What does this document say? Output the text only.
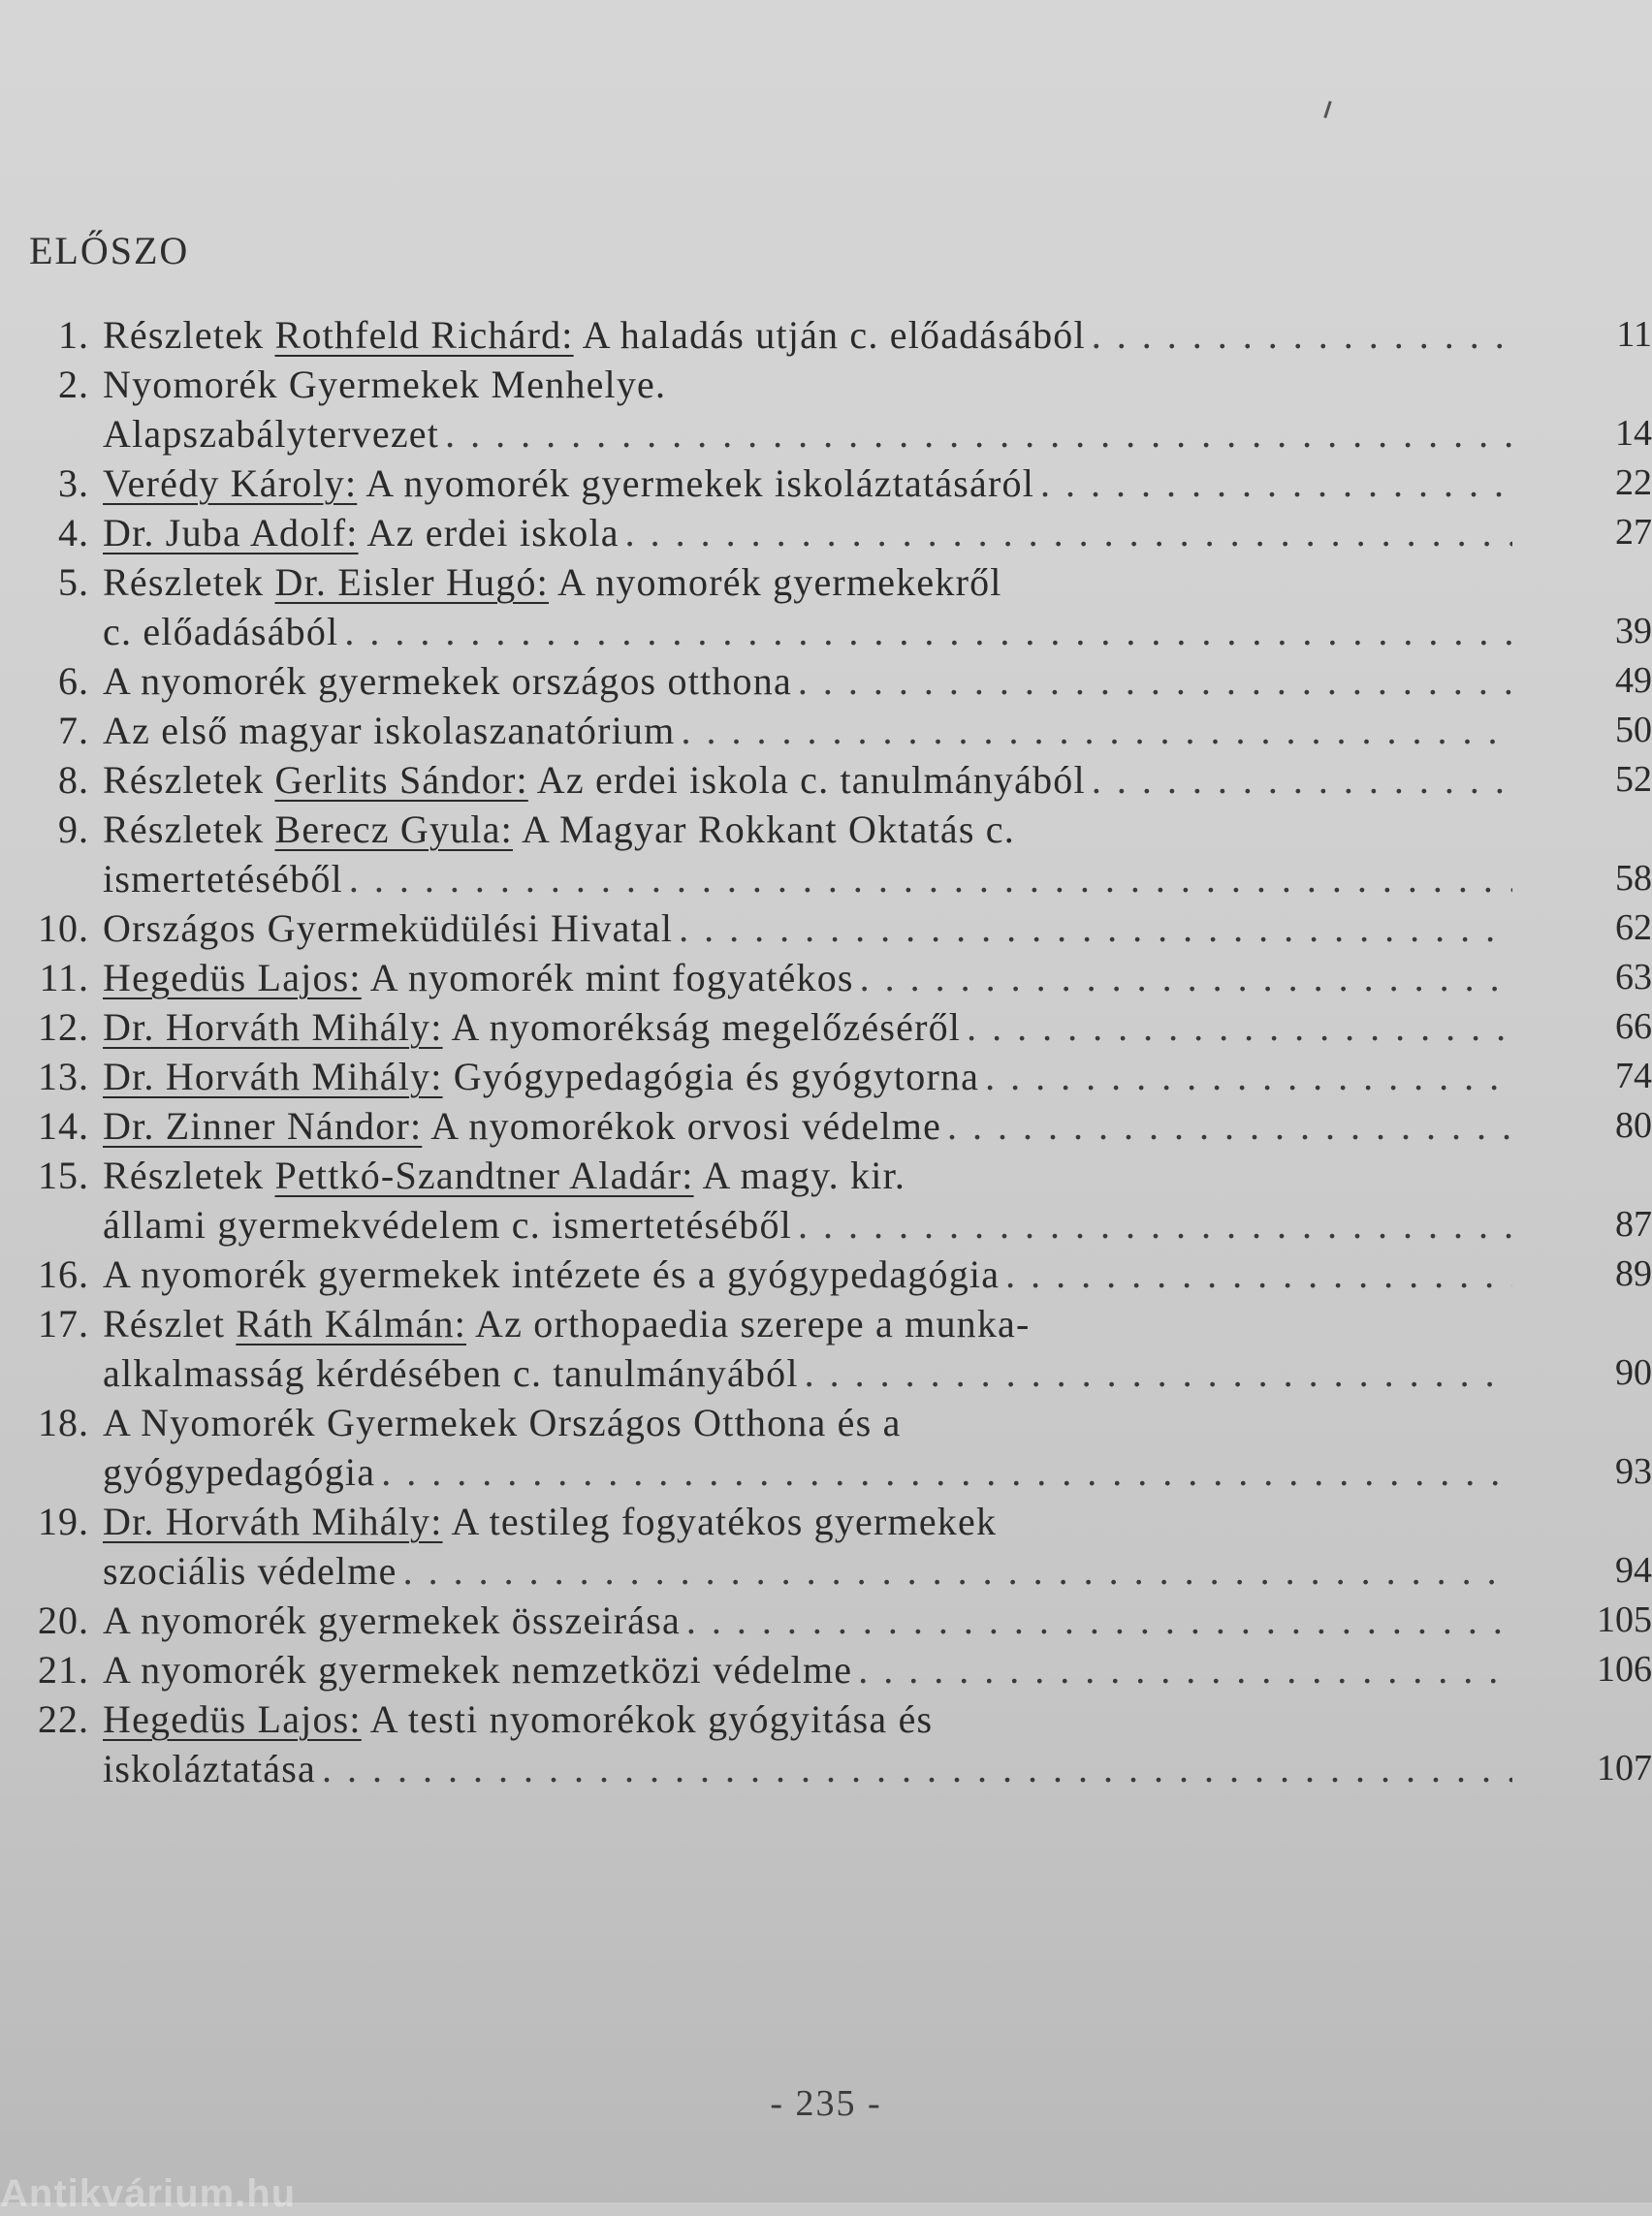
ELŐSZO
1. Részletek Rothfeld Richárd: A haladás utján c. előadásából . . .	11
2. Nyomorék Gyermekek Menhelye.
Alapszabálytervezet . . .	14
3. Verédy Károly: A nyomorék gyermekek iskoláztatásáról . . .	22
4. Dr. Juba Adolf: Az erdei iskola . . .	27
5. Részletek Dr. Eisler Hugó: A nyomorék gyermekekről
c. előadásából . . .	39
6. A nyomorék gyermekek országos otthona . . .	49
7. Az első magyar iskolaszanatórium . . .	50
8. Részletek Gerlits Sándor: Az erdei iskola c. tanulmányából . . .	52
9. Részletek Berecz Gyula: A Magyar Rokkant Oktatás c.
ismertetéséből . . .	58
10. Országos Gyermeküdülési Hivatal . . .	62
11. Hegedüs Lajos: A nyomorék mint fogyatékos . . .	63
12. Dr. Horváth Mihály: A nyomorékság megelőzéséről . . .	66
13. Dr. Horváth Mihály: Gyógypedagógia és gyógytorna . . .	74
14. Dr. Zinner Nándor: A nyomorékok orvosi védelme . . .	80
15. Részletek Pettkó-Szandtner Aladár: A magy. kir.
állami gyermekvédelem c. ismertetéséből . . .	87
16. A nyomorék gyermekek intézete és a gyógypedagógia . . .	89
17. Részlet Ráth Kálmán: Az orthopaedia szerepe a munka-
alkalmasság kérdésében c. tanulmányából . . .	90
18. A Nyomorék Gyermekek Országos Otthona és a
gyógypedagógia . . .	93
19. Dr. Horváth Mihály: A testileg fogyatékos gyermekek
szociális védelme . . .	94
20. A nyomorék gyermekek összeirása . . .	105
21. A nyomorék gyermekek nemzetközi védelme . . .	106
22. Hegedüs Lajos: A testi nyomorékok gyógyitása és
iskoláztatása . . .	107
- 235 -
Antikvárium.hu
